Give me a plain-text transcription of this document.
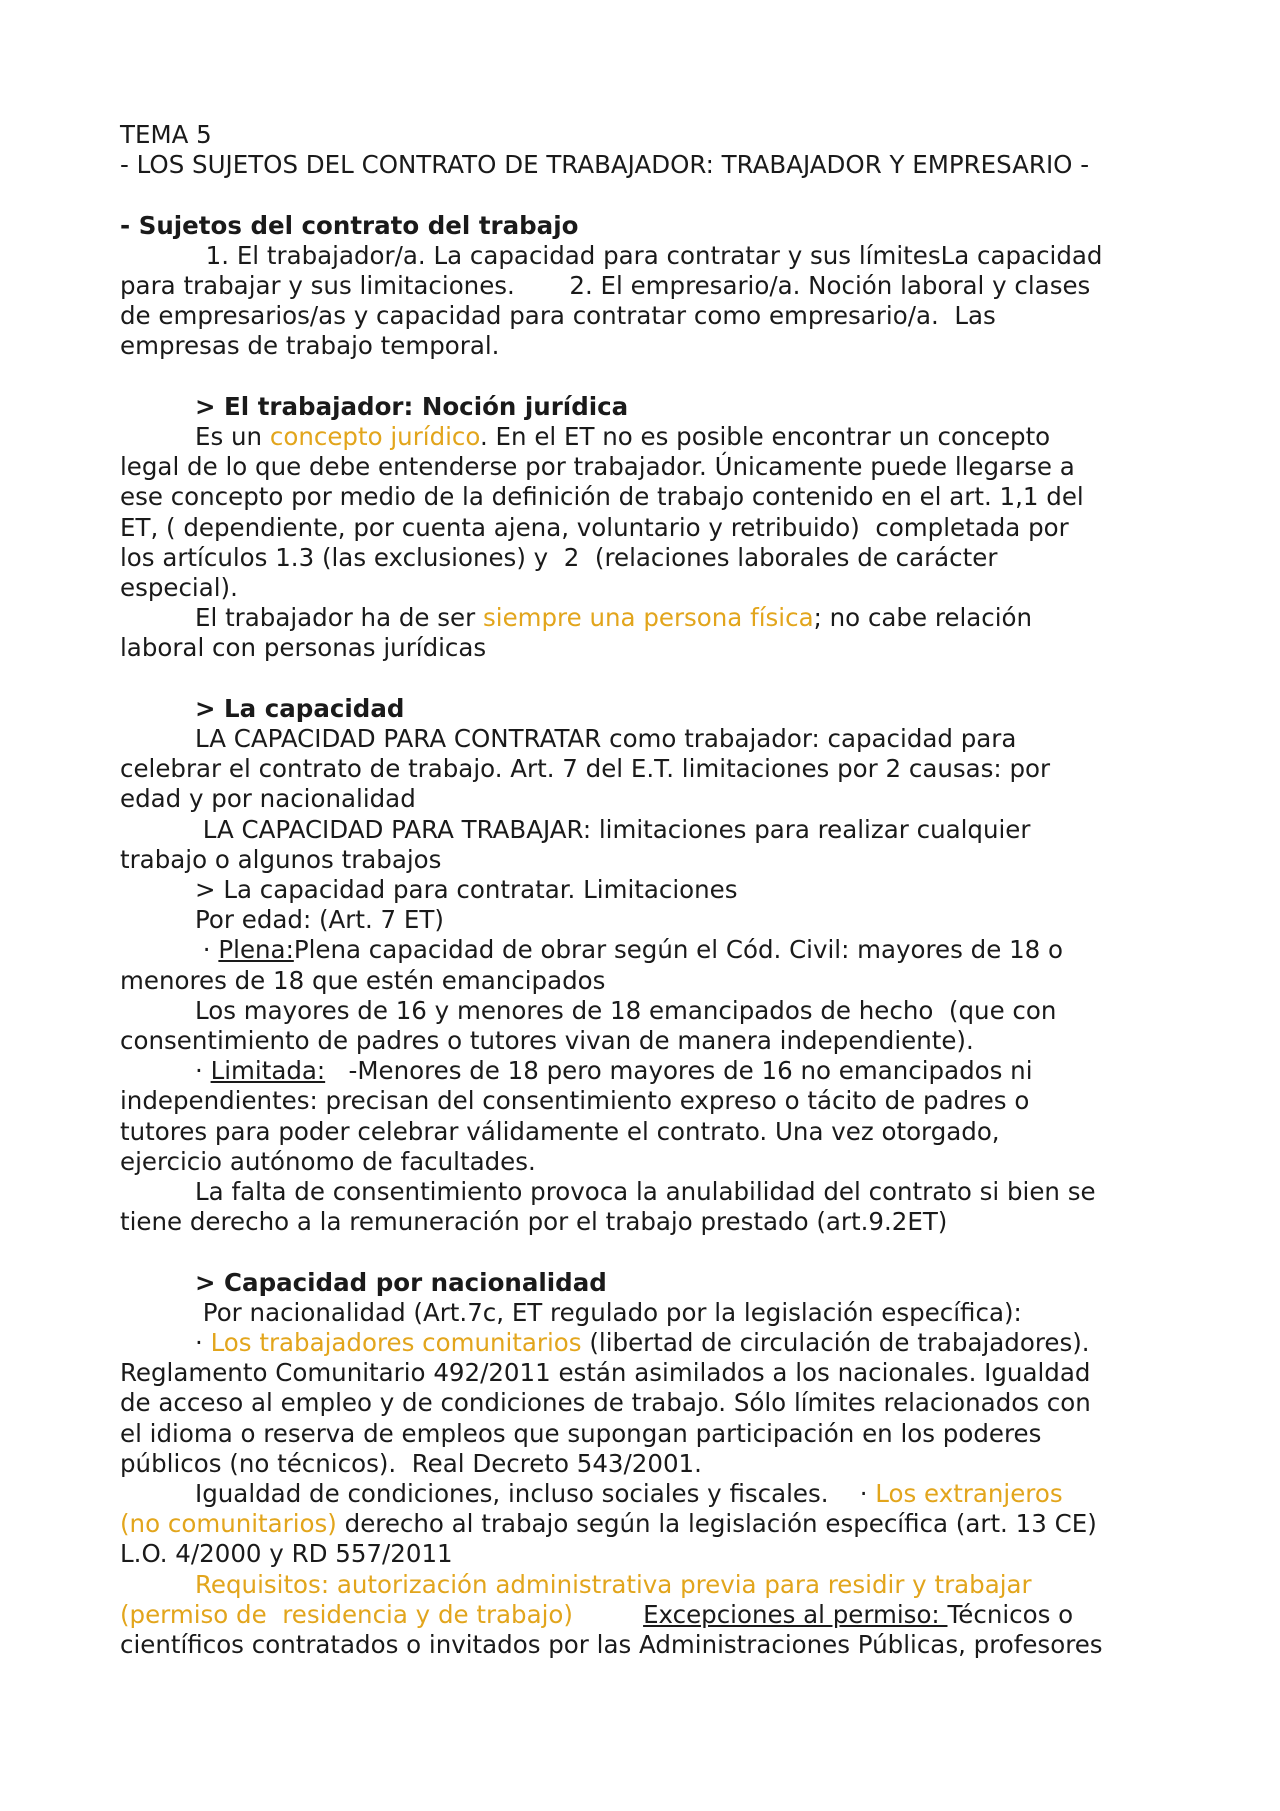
TEMA 5
- LOS SUJETOS DEL CONTRATO DE TRABAJADOR: TRABAJADOR Y EMPRESARIO -
- Sujetos del contrato del trabajo
1. El trabajador/a. La capacidad para contratar y sus límitesLa capacidad
para trabajar y sus limitaciones.       2. El empresario/a. Noción laboral y clases
de empresarios/as y capacidad para contratar como empresario/a.  Las
empresas de trabajo temporal.
> El trabajador: Noción jurídica
Es un concepto jurídico. En el ET no es posible encontrar un concepto
legal de lo que debe entenderse por trabajador. Únicamente puede llegarse a
ese concepto por medio de la definición de trabajo contenido en el art. 1,1 del
ET, ( dependiente, por cuenta ajena, voluntario y retribuido)  completada por
los artículos 1.3 (las exclusiones) y  2  (relaciones laborales de carácter
especial).
El trabajador ha de ser siempre una persona física; no cabe relación
laboral con personas jurídicas
> La capacidad
LA CAPACIDAD PARA CONTRATAR como trabajador: capacidad para
celebrar el contrato de trabajo. Art. 7 del E.T. limitaciones por 2 causas: por
edad y por nacionalidad
LA CAPACIDAD PARA TRABAJAR: limitaciones para realizar cualquier
trabajo o algunos trabajos
> La capacidad para contratar. Limitaciones
Por edad: (Art. 7 ET)
· Plena:Plena capacidad de obrar según el Cód. Civil: mayores de 18 o
menores de 18 que estén emancipados
Los mayores de 16 y menores de 18 emancipados de hecho  (que con
consentimiento de padres o tutores vivan de manera independiente).
· Limitada:   -Menores de 18 pero mayores de 16 no emancipados ni
independientes: precisan del consentimiento expreso o tácito de padres o
tutores para poder celebrar válidamente el contrato. Una vez otorgado,
ejercicio autónomo de facultades.
La falta de consentimiento provoca la anulabilidad del contrato si bien se
tiene derecho a la remuneración por el trabajo prestado (art.9.2ET)
> Capacidad por nacionalidad
Por nacionalidad (Art.7c, ET regulado por la legislación específica):
· Los trabajadores comunitarios (libertad de circulación de trabajadores).
Reglamento Comunitario 492/2011 están asimilados a los nacionales. Igualdad
de acceso al empleo y de condiciones de trabajo. Sólo límites relacionados con
el idioma o reserva de empleos que supongan participación en los poderes
públicos (no técnicos).  Real Decreto 543/2001.
Igualdad de condiciones, incluso sociales y fiscales.    · Los extranjeros
(no comunitarios) derecho al trabajo según la legislación específica (art. 13 CE)
L.O. 4/2000 y RD 557/2011
Requisitos: autorización administrativa previa para residir y trabajar
(permiso de  residencia y de trabajo)	Excepciones al permiso: Técnicos o
científicos contratados o invitados por las Administraciones Públicas, profesores
